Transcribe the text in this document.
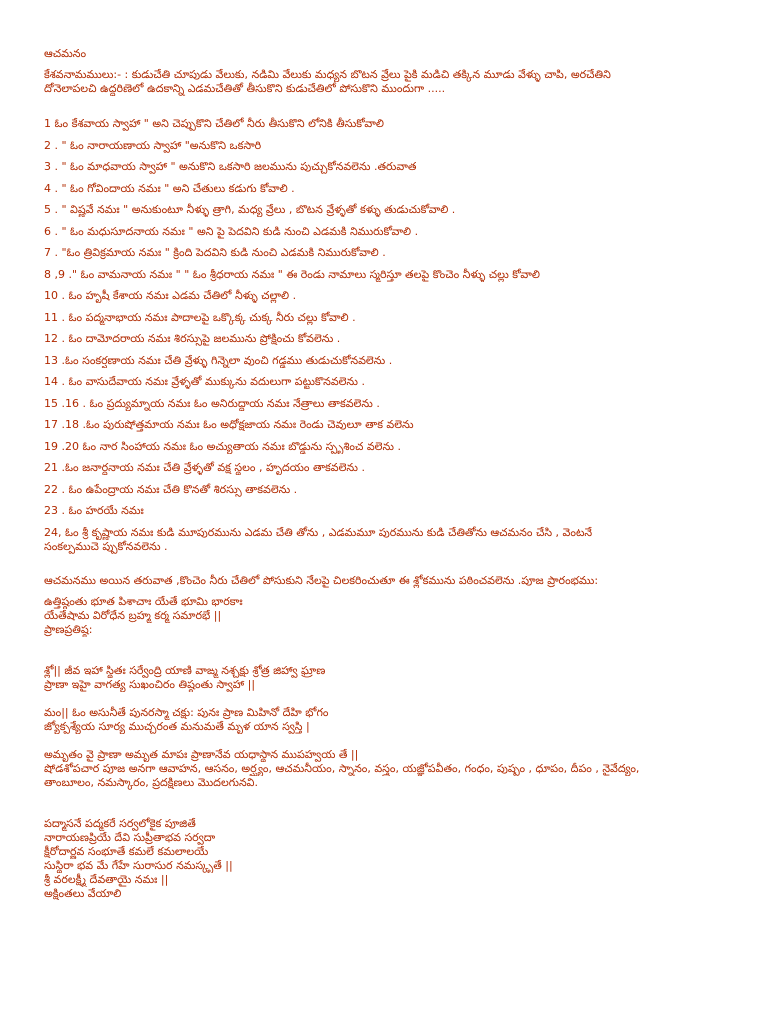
ఆచమనం
కేశవనామములు:- : కుడుచేతి చూపుడు వేలుకు, నడిమి వేలుకు మధ్యన బొటన వ్రేలు పైకి మడిచి తక్కిన మూడు వేళ్ళు చాపి, అరచేతిని
దోనెలాపలచి ఉద్ధరిణెలో ఉదకాన్ని ఎడమచేతితో తీసుకొని కుడుచేతిలో పోసుకొని ముందుగా .....
1 ఓం కేశవాయ స్వాహా " అని చెప్పుకొని చేతిలో నీరు తీసుకొని లోనికి తీసుకోవాలి
2 . " ఓం నారాయణాయ స్వాహా "అనుకొని ఒకసారి
3 . " ఓం మాధవాయ స్వాహా " అనుకొని ఒకసారి జలమును పుచ్చుకోనవలెను .తరువాత
4 . " ఓం గోవిందాయ నమః " అని చేతులు కడుగు కోవాలి .
5 . " విష్ణవే నమః " అనుకుంటూ నీళ్ళు త్రాగి, మధ్య వ్రేలు , బొటన వ్రేళ్ళతో కళ్ళు తుడుచుకోవాలి .
6 . " ఓం మధుసూదనాయ నమః " అని పై పెదవిని కుడి నుంచి ఎడమకి నిమురుకోవాలి .
7 . "ఓం త్రివిక్రమాయ నమః " క్రింది పెదవిని కుడి నుంచి ఎడమకి నిమురుకోవాలి .
8 ,9 ." ఓం వామనాయ నమః " " ఓం శ్రీధరాయ నమః " ఈ రెండు నామాలు స్మరిస్తూ తలపై కొంచెం నీళ్ళు చల్లు కోవాలి
10 . ఓం హృషీ కేశాయ నమః ఎడమ చేతిలో నీళ్ళు చల్లాలి .
11 . ఓం పద్మనాభాయ నమః పాదాలపై ఒక్కొక్క చుక్క నీరు చల్లు కోవాలి .
12 . ఓం దామోదరాయ నమః శిరస్సుపై జలమును ప్రోక్షించు కోవలెను .
13 .ఓం సంకర్షణాయ నమః చేతి వ్రేళ్ళు గిన్నెలా వుంచి గడ్డము తుడుచుకోనవలెను .
14 . ఓం వాసుదేవాయ నమః వ్రేళ్ళతో ముక్కును వదులుగా పట్టుకొనవలెను .
15 .16 . ఓం ప్రద్యుమ్నాయ నమః ఓం అనిరుద్ధాయ నమః నేత్రాలు తాకవలెను .
17 .18 .ఓం పురుషోత్తమాయ నమః ఓం అధోక్షజాయ నమః రెండు చెవులూ తాక వలెను
19 .20 ఓం నార సింహాయ నమః ఓం అచ్యుతాయ నమః బొడ్డును స్పృశించ వలెను .
21 .ఓం జనార్ధనాయ నమః చేతి వ్రేళ్ళతో వక్ష స్థలం , హృదయం తాకవలెను .
22 . ఓం ఉపేంద్రాయ నమః చేతి కొనతో శిరస్సు తాకవలెను .
23 . ఓం హరయే నమః
24, ఓం శ్రీ కృష్ణాయ నమః కుడి మూపురమును ఎడమ చేతి తోను , ఎడమమూ పురమును కుడి చేతితోను ఆచమనం చేసి , వెంటనే
సంకల్పముచె ప్పుకోనవలెను .
ఆచమనము అయిన తరువాత ,కొంచెం నీరు చేతిలో పోసుకుని నేలపై చిలకరించుతూ ఈ శ్లోకమును పఠించవలెను .పూజ ప్రారంభము:
ఉత్తిష్ఠంతు భూత పిశాచాః యేతే భూమి భారకాః
యేతేషామ విరోధేన బ్రహ్మ కర్మ సమారభే ||
ప్రాణప్రతిష్ఠ:
శ్లో|| జీవ ఇహా స్థితః సర్వేంద్రి యాణి వాఙ్మ నశ్చక్షు శ్రోత్ర జిహ్వా ఘ్రాణ
ప్రాణా ఇహై వాగత్య సుఖంచిరం తిష్ఠంతు స్వాహా ||
మం|| ఓం అసునీతే పునరస్మా చక్షు: పునః ప్రాణ మిహినో దేహి భోగం
జ్యోక్పశ్యేయ సూర్య ముచ్చరంత మనుమతే మృళ యాన స్వస్తి |
అమృతం వై ప్రాణా అమృత మాపః ప్రాణానేవ యధాస్థాన ముపహ్వయ తే ||
షోడశోపచార పూజ అనగా ఆవాహన, ఆసనం, అర్ఘ్యం, ఆచమనీయం, స్నానం, వస్త్రం, యజ్ఞోపవీతం, గంధం, పుష్పం , ధూపం, దీపం , నైవేద్యం,
తాంబూలం, నమస్కారం, ప్రదక్షిణలు మొదలగునవి.
పద్మాసనే పద్మకరే సర్వలోకైక పూజితే
నారాయణప్రియే దేవి సుప్రీతాభవ సర్వదా
క్షీరోదార్ణవ సంభూతే కమలే కమలాలయే
సుస్థిరా భవ మే గేహే సురాసుర నమస్కృతే ||
శ్రీ వరలక్ష్మీ దేవతాయై నమః ||
అక్షింతలు వేయాలి
